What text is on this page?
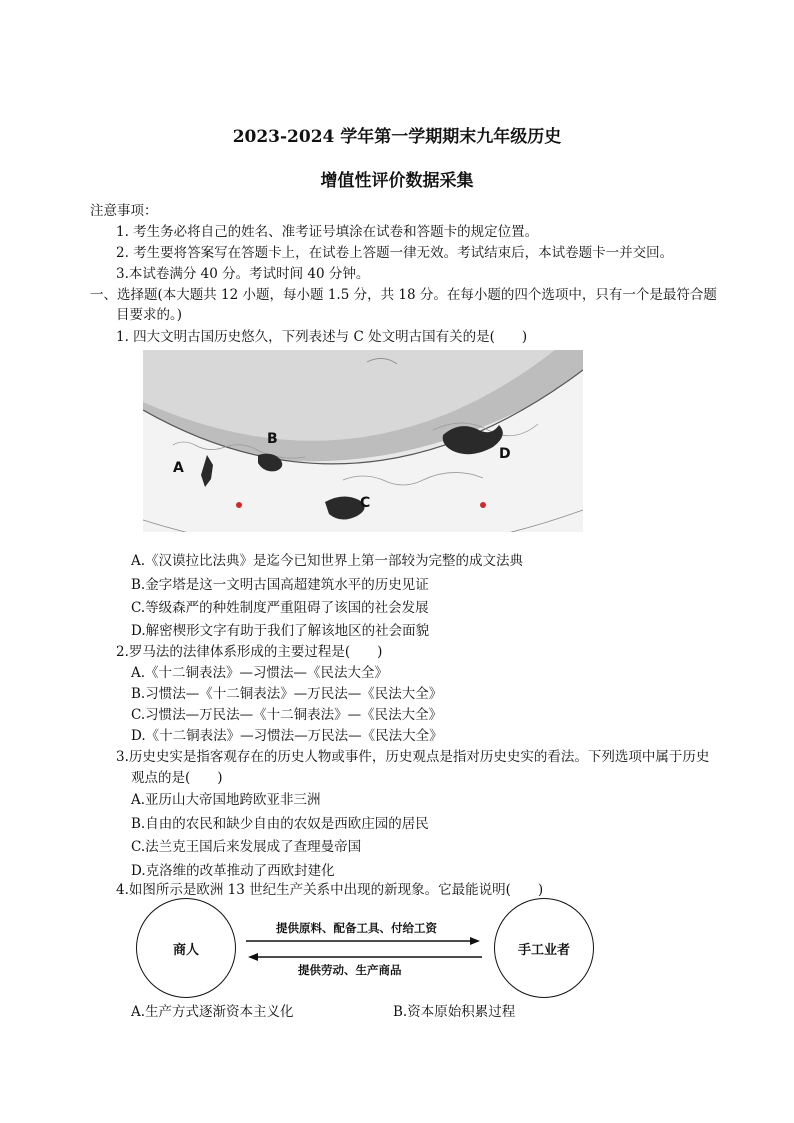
2023-2024 学年第一学期期末九年级历史
增值性评价数据采集
注意事项：
1. 考生务必将自己的姓名、准考证号填涂在试卷和答题卡的规定位置。
2. 考生要将答案写在答题卡上，在试卷上答题一律无效。考试结束后，本试卷题卡一并交回。
3.本试卷满分 40 分。考试时间 40 分钟。
一、选择题(本大题共 12 小题，每小题 1.5 分，共 18 分。在每小题的四个选项中，只有一个是最符合题
目要求的。)
1. 四大文明古国历史悠久，下列表述与 C 处文明古国有关的是(　　)
A
B
C
D
A.《汉谟拉比法典》是迄今已知世界上第一部较为完整的成文法典
B.金字塔是这一文明古国高超建筑水平的历史见证
C.等级森严的种姓制度严重阻碍了该国的社会发展
D.解密楔形文字有助于我们了解该地区的社会面貌
2.罗马法的法律体系形成的主要过程是(　　)
A.《十二铜表法》—习惯法—《民法大全》
B.习惯法—《十二铜表法》—万民法—《民法大全》
C.习惯法—万民法—《十二铜表法》—《民法大全》
D.《十二铜表法》—习惯法—万民法—《民法大全》
3.历史史实是指客观存在的历史人物或事件，历史观点是指对历史史实的看法。下列选项中属于历史
观点的是(　　)
A.亚历山大帝国地跨欧亚非三洲
B.自由的农民和缺少自由的农奴是西欧庄园的居民
C.法兰克王国后来发展成了查理曼帝国
D.克洛维的改革推动了西欧封建化
4.如图所示是欧洲 13 世纪生产关系中出现的新现象。它最能说明(　　)
商人	手工业者
提供原料、配备工具、付给工资
提供劳动、生产商品
A.生产方式逐渐资本主义化	B.资本原始积累过程
